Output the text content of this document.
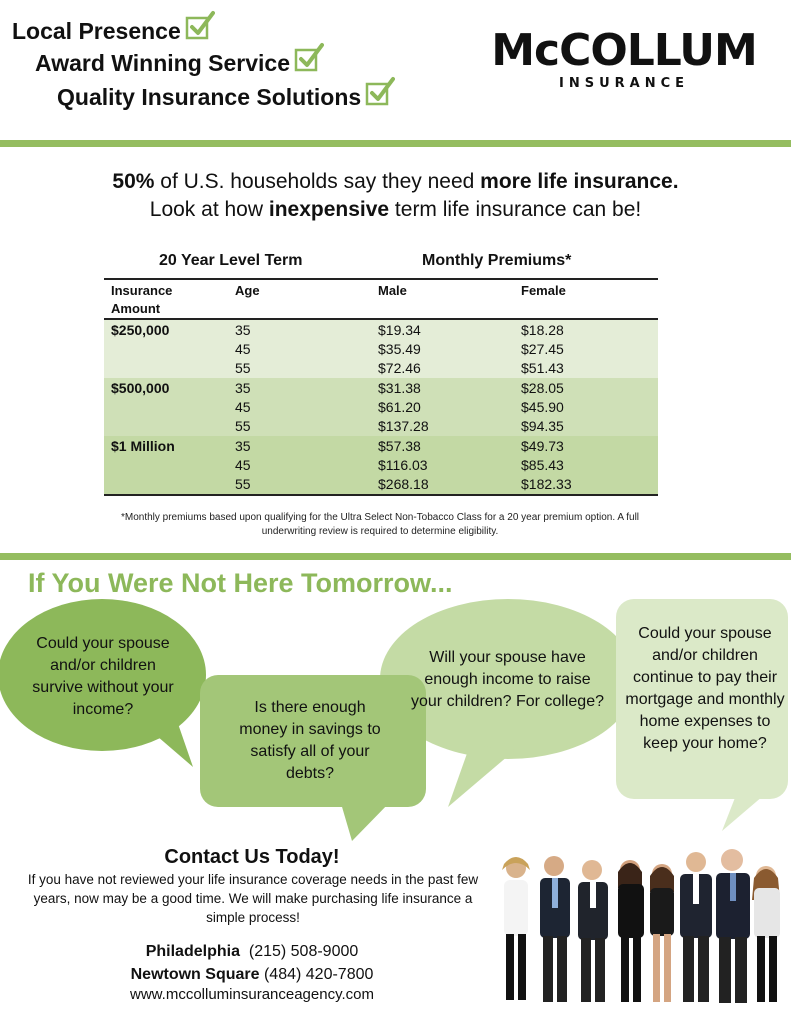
Local Presence
Award Winning Service
Quality Insurance Solutions
McCOLLUM
INSURANCE
50% of U.S. households say they need more life insurance.
Look at how inexpensive term life insurance can be!
20 Year Level Term	Monthly Premiums*
Insurance Amount
Age	Male	Female
$250,000	35	$19.34	$18.28
45	$35.49	$27.45
55	$72.46	$51.43
$500,000	35	$31.38	$28.05
45	$61.20	$45.90
55	$137.28	$94.35
$1 Million	35	$57.38	$49.73
45	$116.03	$85.43
55	$268.18	$182.33
*Monthly premiums based upon qualifying for the Ultra Select Non-Tobacco Class for a 20 year premium option. A full underwriting review is required to determine eligibility.
If You Were Not Here Tomorrow...
Could your spouse and/or children survive without your income?	Is there enough money in savings to satisfy all of your debts?
Will your spouse have enough income to raise your children? For college?
Could your spouse and/or children continue to pay their mortgage and monthly home expenses to keep your home?
Contact Us Today!
If you have not reviewed your life insurance coverage needs in the past few years, now may be a good time. We will make purchasing life insurance a simple process!
Philadelphia (215) 508-9000
Newtown Square (484) 420-7800
www.mccolluminsuranceagency.com
